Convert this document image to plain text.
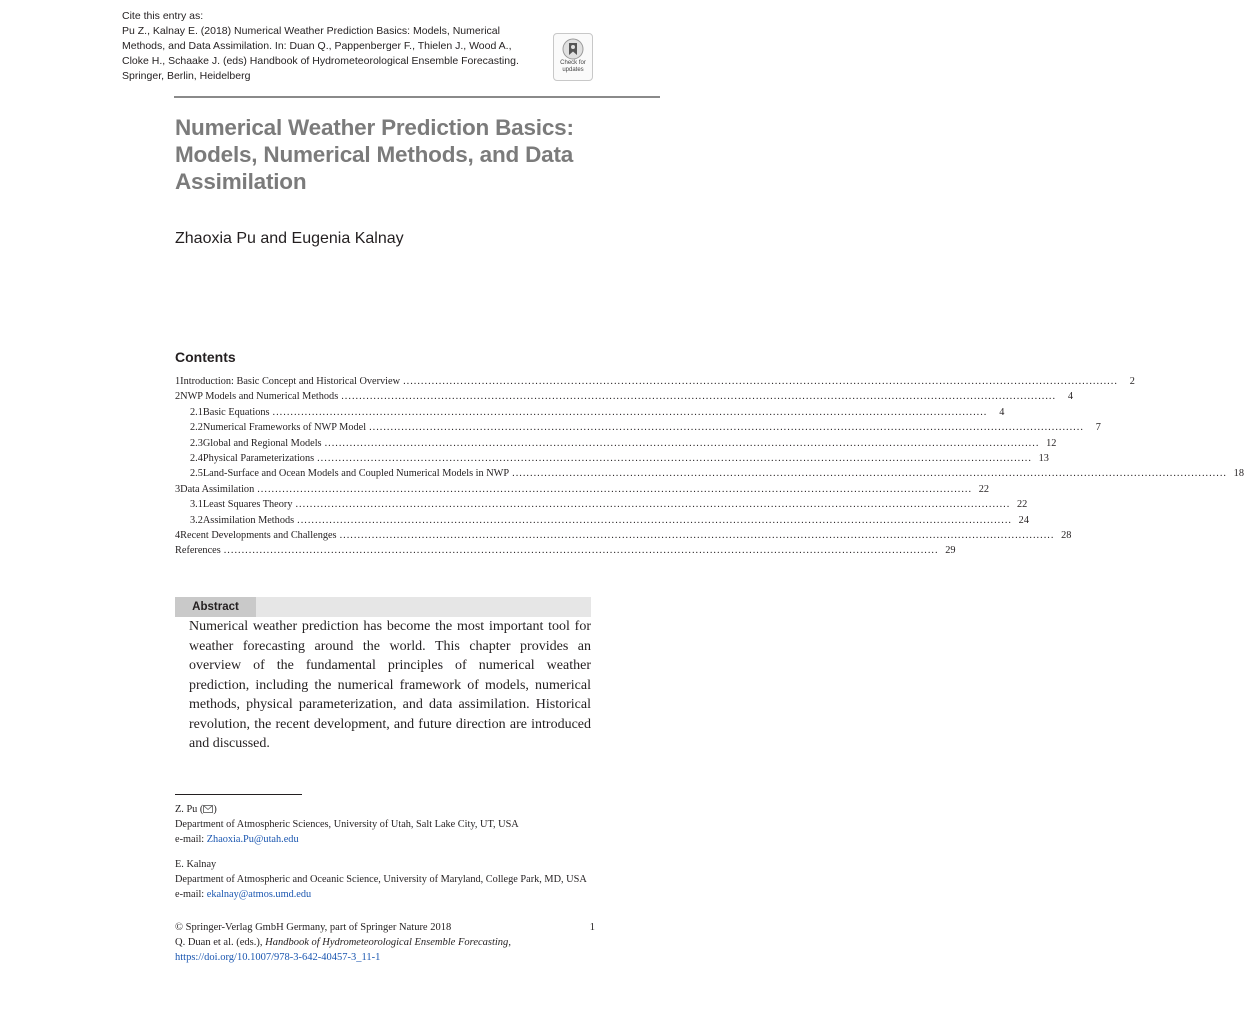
Cite this entry as:
Pu Z., Kalnay E. (2018) Numerical Weather Prediction Basics: Models, Numerical
Methods, and Data Assimilation. In: Duan Q., Pappenberger F., Thielen J., Wood A.,
Cloke H., Schaake J. (eds) Handbook of Hydrometeorological Ensemble Forecasting.
Springer, Berlin, Heidelberg
Check for
updates
Numerical Weather Prediction Basics:
Models, Numerical Methods, and Data
Assimilation
Zhaoxia Pu and Eugenia Kalnay
Contents
1 Introduction: Basic Concept and Historical Overview ........................................................................................................................................................................................................	2
2 NWP Models and Numerical Methods ........................................................................................................................................................................................................	4
2.1 Basic Equations ........................................................................................................................................................................................................	4
2.2 Numerical Frameworks of NWP Model ........................................................................................................................................................................................................	7
2.3 Global and Regional Models ........................................................................................................................................................................................................ 12
2.4 Physical Parameterizations ........................................................................................................................................................................................................ 13
2.5 Land-Surface and Ocean Models and Coupled Numerical Models in NWP ........................................................................................................................................................................................................ 18
3 Data Assimilation ........................................................................................................................................................................................................ 22
3.1 Least Squares Theory ........................................................................................................................................................................................................ 22
3.2 Assimilation Methods ........................................................................................................................................................................................................ 24
4 Recent Developments and Challenges ........................................................................................................................................................................................................ 28
References ........................................................................................................................................................................................................ 29
Abstract
Numerical weather prediction has become the most important tool for weather forecasting around the world. This chapter provides an overview of the fundamental principles of numerical weather prediction, including the numerical framework of models, numerical methods, physical parameterization, and data assimilation. Historical revolution, the recent development, and future direction are introduced and discussed.
Z. Pu ( )
Department of Atmospheric Sciences, University of Utah, Salt Lake City, UT, USA
e-mail: Zhaoxia.Pu@utah.edu
E. Kalnay
Department of Atmospheric and Oceanic Science, University of Maryland, College Park, MD, USA
e-mail: ekalnay@atmos.umd.edu
© Springer-Verlag GmbH Germany, part of Springer Nature 2018	1
Q. Duan et al. (eds.), Handbook of Hydrometeorological Ensemble Forecasting,
https://doi.org/10.1007/978-3-642-40457-3_11-1
